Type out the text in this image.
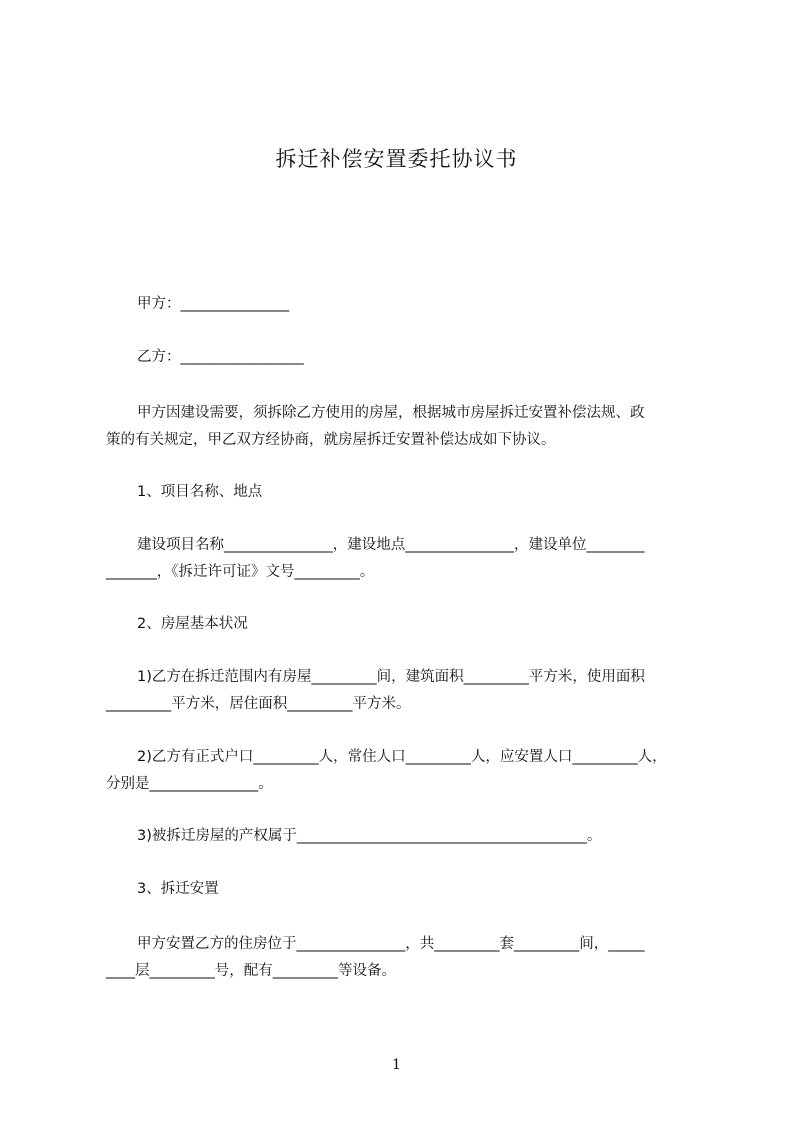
拆迁补偿安置委托协议书
甲方：_______________
乙方：_________________
甲方因建设需要，须拆除乙方使用的房屋，根据城市房屋拆迁安置补偿法规、政
策的有关规定，甲乙双方经协商，就房屋拆迁安置补偿达成如下协议。
1、项目名称、地点
建设项目名称_______________，建设地点_______________，建设单位________
_______，《拆迁许可证》文号_________。
2、房屋基本状况
1)乙方在拆迁范围内有房屋_________间，建筑面积_________平方米，使用面积
_________平方米，居住面积_________平方米。
2)乙方有正式户口_________人，常住人口_________人，应安置人口_________人，
分别是_______________。
3)被拆迁房屋的产权属于________________________________________。
3、拆迁安置
甲方安置乙方的住房位于_______________，共_________套_________间，_____
____层_________号，配有_________等设备。
1
